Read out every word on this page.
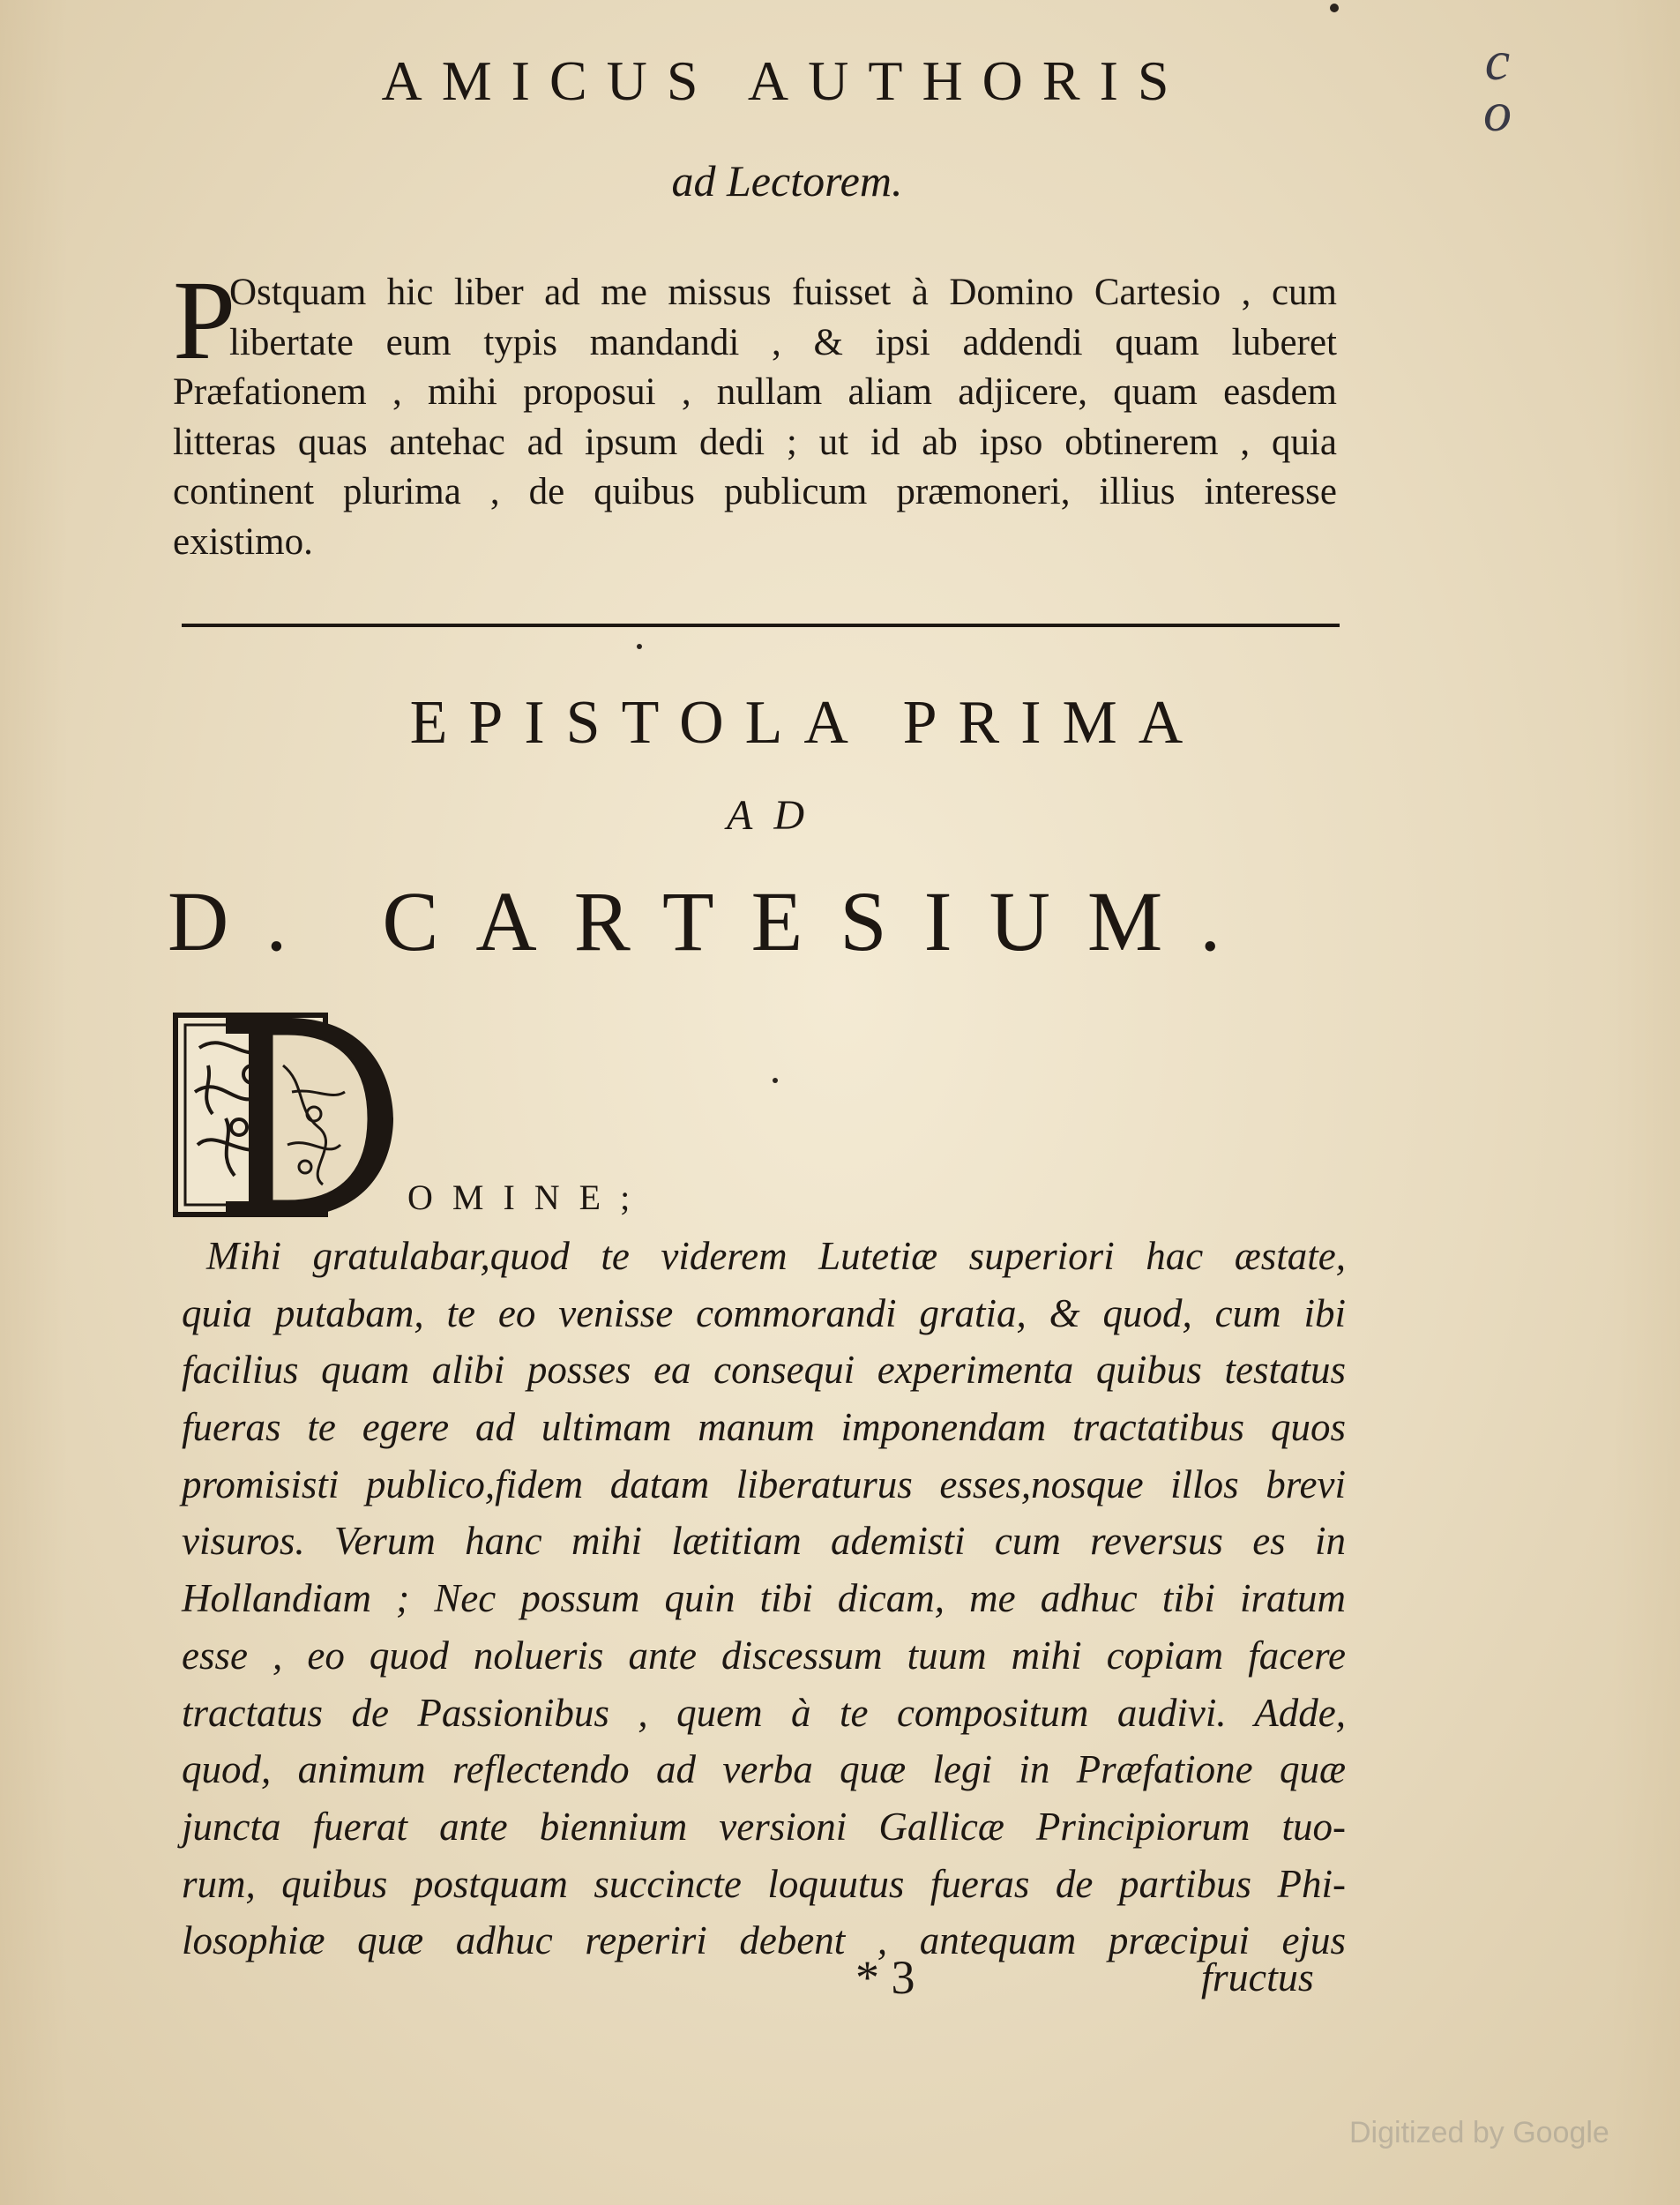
c
o
AMICUS AUTHORIS
ad Lectorem.
P
Ostquam hic liber ad me missus fuisset à Domino Cartesio , cum
libertate eum typis mandandi , & ipsi addendi quam luberet
Præfationem , mihi proposui , nullam aliam adjicere, quam easdem
litteras quas antehac ad ipsum dedi ; ut id ab ipso obtinerem , quia
continent plurima , de quibus publicum præmoneri, illius interesse
existimo.
EPISTOLA PRIMA
AD
D. CARTESIUM.
OMINE;
Mihi gratulabar,quod te viderem Lutetiæ superiori hac æstate,
quia putabam, te eo venisse commorandi gratia, & quod, cum ibi
facilius quam alibi posses ea consequi experimenta quibus testatus
fueras te egere ad ultimam manum imponendam tractatibus quos
promisisti publico,fidem datam liberaturus esses,nosque illos brevi
visuros. Verum hanc mihi lætitiam ademisti cum reversus es in
Hollandiam ; Nec possum quin tibi dicam, me adhuc tibi iratum
esse , eo quod nolueris ante discessum tuum mihi copiam facere
tractatus de Passionibus , quem à te compositum audivi. Adde,
quod, animum reflectendo ad verba quæ legi in Præfatione quæ
juncta fuerat ante biennium versioni Gallicæ Principiorum tuo-
rum, quibus postquam succincte loquutus fueras de partibus Phi-
losophiæ quæ adhuc reperiri debent , antequam præcipui ejus
* 3	fructus
Digitized by Google
